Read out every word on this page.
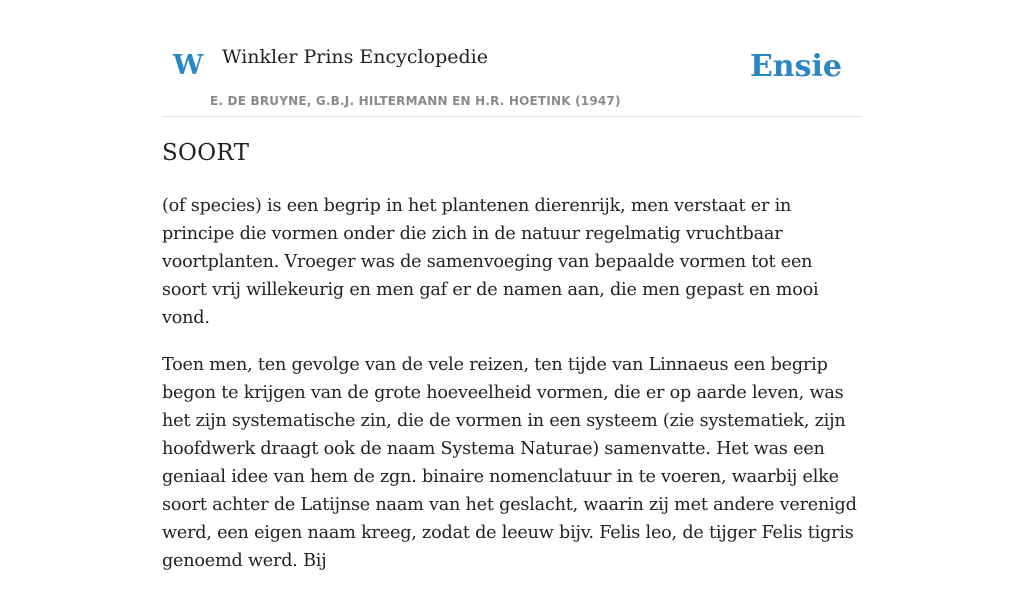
W Winkler Prins Encyclopedie
E. DE BRUYNE, G.B.J. HILTERMANN EN H.R. HOETINK (1947)
Ensie
SOORT

(of species) is een begrip in het plantenen dierenrijk, men verstaat er in principe die vormen onder die zich in de natuur regelmatig vruchtbaar voortplanten. Vroeger was de samenvoeging van bepaalde vormen tot een soort vrij willekeurig en men gaf er de namen aan, die men gepast en mooi vond.

Toen men, ten gevolge van de vele reizen, ten tijde van Linnaeus een begrip begon te krijgen van de grote hoeveelheid vormen, die er op aarde leven, was het zijn systematische zin, die de vormen in een systeem (zie systematiek, zijn hoofdwerk draagt ook de naam Systema Naturae) samenvatte. Het was een geniaal idee van hem de zgn. binaire nomenclatuur in te voeren, waarbij elke soort achter de Latijnse naam van het geslacht, waarin zij met andere verenigd werd, een eigen naam kreeg, zodat de leeuw bijv. Felis leo, de tijger Felis tigris genoemd werd. Bij
